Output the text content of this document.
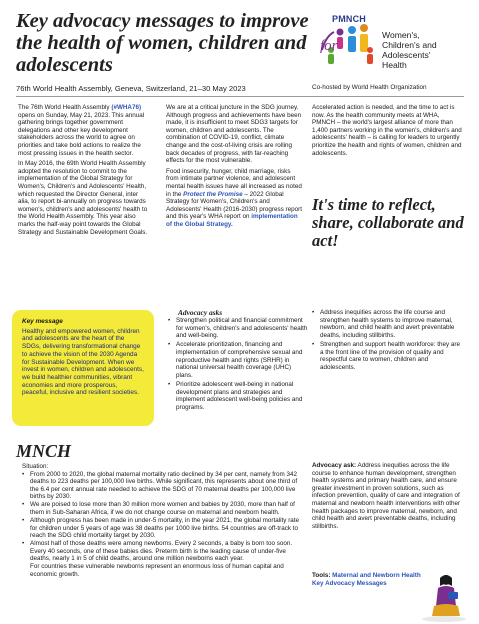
Key advocacy messages to improve the health of women, children and adolescents
for
PMNCH
Women's,
Children's and
Adolescents'
Health
76th World Health Assembly, Geneva, Switzerland, 21–30 May 2023	Co-hosted by World Health Organization

The 76th World Health Assembly (#WHA76) opens on Sunday, May 21, 2023. This annual gathering brings together government delegations and other key development stakeholders across the world to agree on priorities and take bold actions to realize the most pressing issues in the health sector.

In May 2016, the 69th World Health Assembly adopted the resolution to commit to the implementation of the Global Strategy for Women's, Children's and Adolescents' Health, which requested the Director General, inter alia, to report bi-annually on progress towards women's, children's and adolescents' health to the World Health Assembly. This year also marks the half-way point towards the Global Strategy and Sustainable Development Goals.

We are at a critical juncture in the SDG journey. Although progress and achievements have been made, it is insufficient to meet SDG3 targets for women, children and adolescents. The combination of COVID-19, conflict, climate change and the cost-of-living crisis are rolling back decades of progress, with far-reaching effects for the most vulnerable.

Food insecurity, hunger, child marriage, risks from intimate partner violence, and adolescent mental health issues have all increased as noted in the Protect the Promise – 2022 Global Strategy for Women's, Children's and Adolescents' Health (2016-2030) progress report and this year's WHA report on implementation of the Global Strategy.

Accelerated action is needed, and the time to act is now. As the health community meets at WHA, PMNCH – the world's largest alliance of more than 1,400 partners working in the women's, children's and adolescents' health – is calling for leaders to urgently prioritize the health and rights of women, children and adolescents.

It's time to reflect, share, collaborate and act!
Key message
Healthy and empowered women, children and adolescents are the heart of the SDGs, delivering transformational change to achieve the vision of the 2030 Agenda for Sustainable Development. When we invest in women, children and adolescents, we build healthier communities, vibrant economies and more prosperous, peaceful, inclusive and resilient societies.
Advocacy asks
• Strengthen political and financial commitment for women's, children's and adolescents' health and well-being.
• Accelerate prioritization, financing and implementation of comprehensive sexual and reproductive health and rights (SRHR) in national universal health coverage (UHC) plans.
• Prioritize adolescent well-being in national development plans and strategies and implement adolescent well-being policies and programs.
• Address inequities across the life course and strengthen health systems to improve maternal, newborn, and child health and avert preventable deaths, including stillbirths.
• Strengthen and support health workforce: they are a the front line of the provision of quality and respectful care to women, children and adolescents.
MNCH
Situation:
• From 2000 to 2020, the global maternal mortality ratio declined by 34 per cent, namely from 342 deaths to 223 deaths per 100,000 live births. While significant, this represents about one third of the 6.4 per cent annual rate needed to achieve the SDG of 70 maternal deaths per 100,000 live births by 2030.
• We are poised to lose more than 30 million more women and babies by 2030, more than half of them in Sub-Saharan Africa, if we do not change course on maternal and newborn health.
• Although progress has been made in under-5 mortality, in the year 2021, the global mortality rate for children under 5 years of age was 38 deaths per 1000 live births. 54 countries are off-track to reach the SDG child mortality target by 2030.
• Almost half of those deaths were among newborns. Every 2 seconds, a baby is born too soon. Every 40 seconds, one of these babies dies. Preterm birth is the leading cause of under-five deaths, nearly 1 in 5 of child deaths, around one million newborns each year.
For countries these vulnerable newborns represent an enormous loss of human capital and economic growth.
Advocacy ask: Address inequities across the life course to enhance human development, strengthen health systems and primary health care, and ensure greater investment in proven solutions, such as infection prevention, quality of care and integration of maternal and newborn health interventions with other health packages to improve maternal, newborn, and child health and avert preventable deaths, including stillbirths.
Tools: Maternal and Newborn Health Key Advocacy Messages
